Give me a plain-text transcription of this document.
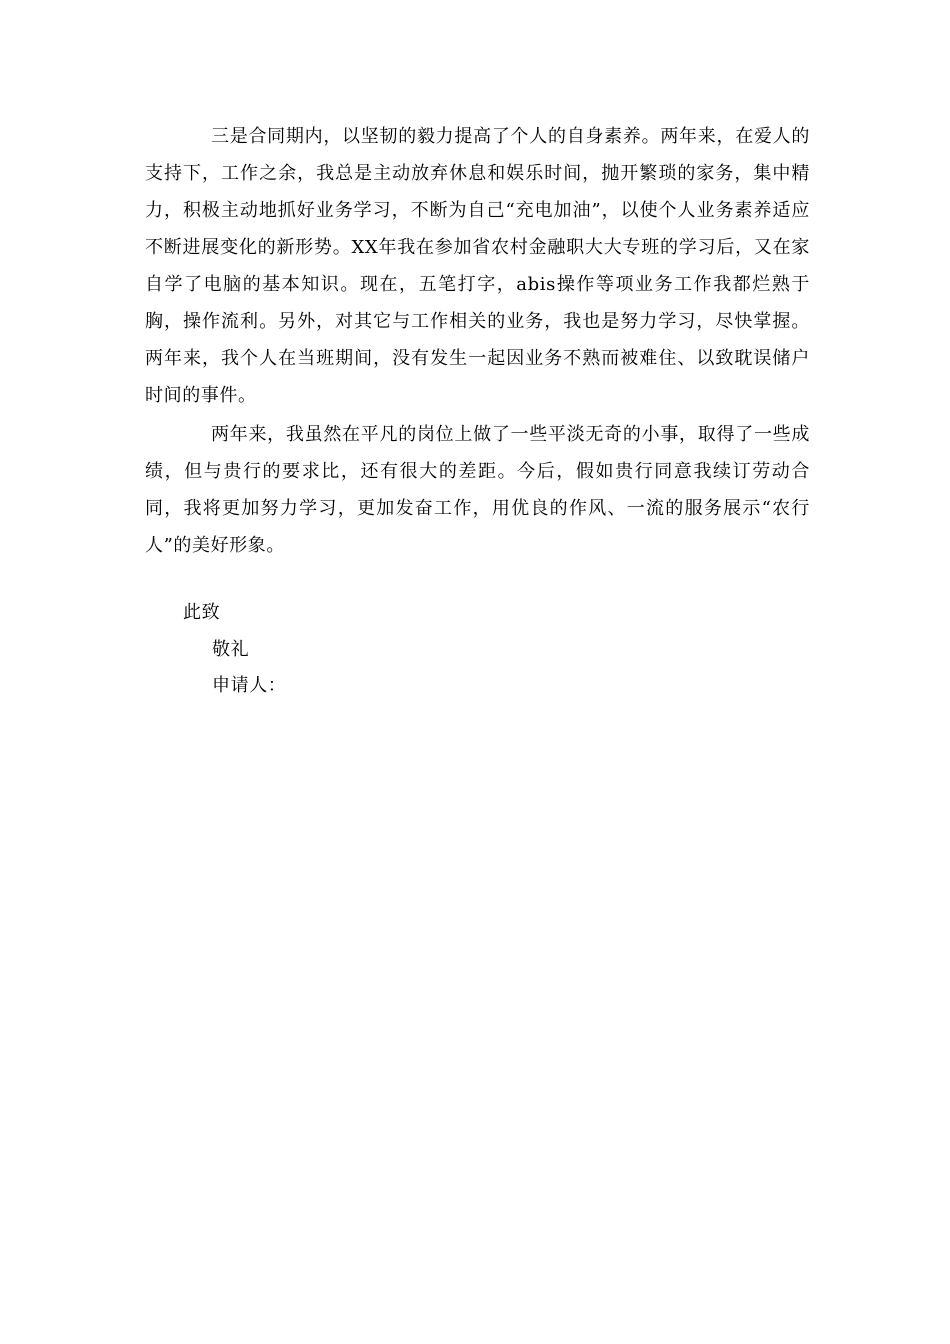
三是合同期内，以坚韧的毅力提高了个人的自身素养。两年来，在爱人的支持下，工作之余，我总是主动放弃休息和娱乐时间，抛开繁琐的家务，集中精力，积极主动地抓好业务学习，不断为自己“充电加油”，以使个人业务素养适应不断进展变化的新形势。XX年我在参加省农村金融职大大专班的学习后，又在家自学了电脑的基本知识。现在，五笔打字，abis操作等项业务工作我都烂熟于胸，操作流利。另外，对其它与工作相关的业务，我也是努力学习，尽快掌握。两年来，我个人在当班期间，没有发生一起因业务不熟而被难住、以致耽误储户时间的事件。

两年来，我虽然在平凡的岗位上做了一些平淡无奇的小事，取得了一些成绩，但与贵行的要求比，还有很大的差距。今后，假如贵行同意我续订劳动合同，我将更加努力学习，更加发奋工作，用优良的作风、一流的服务展示“农行人”的美好形象。

此致

敬礼

申请人：
